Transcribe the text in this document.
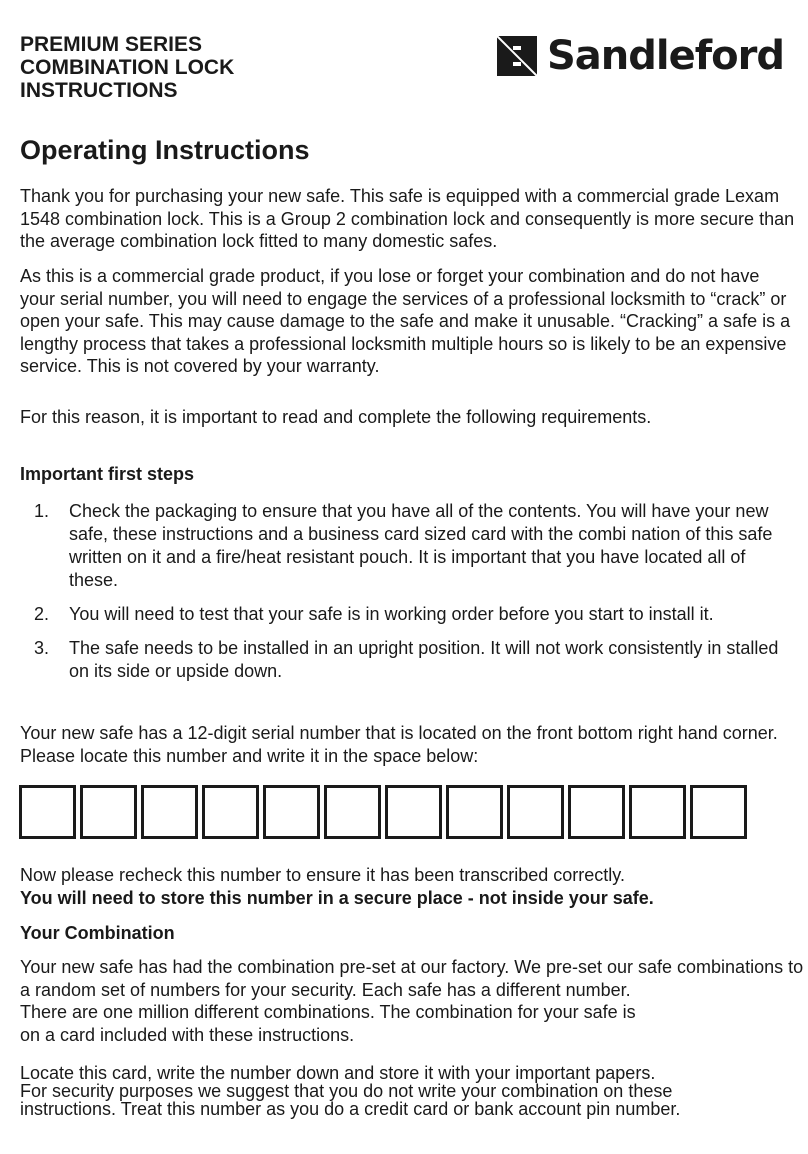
PREMIUM SERIES
COMBINATION LOCK
INSTRUCTIONS
Sandleford
Operating Instructions
Thank you for purchasing your new safe. This safe is equipped with a commercial grade Lexam 1548 combination lock. This is a Group 2 combination lock and consequently is more secure than the average combination lock fitted to many domestic safes.
As this is a commercial grade product, if you lose or forget your combination and do not have your serial number, you will need to engage the services of a professional locksmith to “crack” or open your safe. This may cause damage to the safe and make it unusable. “Cracking” a safe is a lengthy process that takes a professional locksmith multiple hours so is likely to be an expensive service. This is not covered by your warranty.
For this reason, it is important to read and complete the following requirements.
Important first steps
1. Check the packaging to ensure that you have all of the contents. You will have your new safe, these instructions and a business card sized card with the combi nation of this safe written on it and a fire/heat resistant pouch. It is important that you have located all of these.
2. You will need to test that your safe is in working order before you start to install it.
3. The safe needs to be installed in an upright position. It will not work consistently in stalled on its side or upside down.
Your new safe has a 12-digit serial number that is located on the front bottom right hand corner. Please locate this number and write it in the space below:
Now please recheck this number to ensure it has been transcribed correctly.
You will need to store this number in a secure place - not inside your safe.
Your Combination
Your new safe has had the combination pre-set at our factory. We pre-set our safe combinations to a random set of numbers for your security. Each safe has a different number.
There are one million different combinations. The combination for your safe is
on a card included with these instructions.
Locate this card, write the number down and store it with your important papers.
For security purposes we suggest that you do not write your combination on these
instructions. Treat this number as you do a credit card or bank account pin number.
